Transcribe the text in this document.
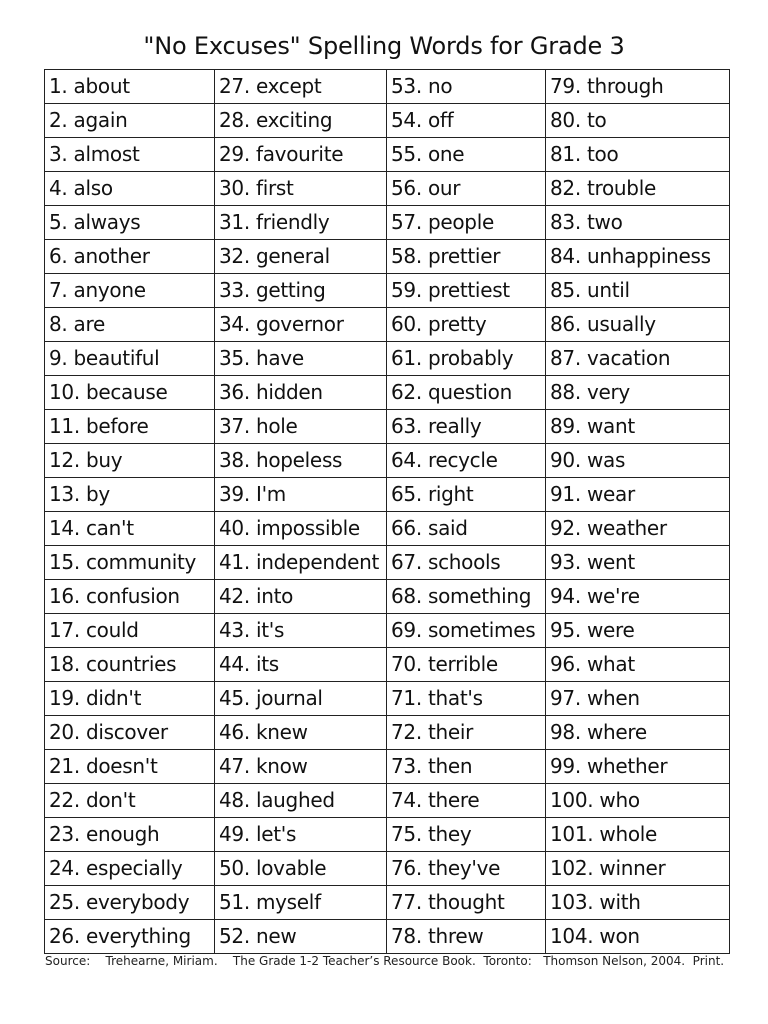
"No Excuses" Spelling Words for Grade 3
1. about	27. except	53. no	79. through
2. again	28. exciting	54. off	80. to
3. almost	29. favourite	55. one	81. too
4. also	30. first	56. our	82. trouble
5. always	31. friendly	57. people	83. two
6. another	32. general	58. prettier	84. unhappiness
7. anyone	33. getting	59. prettiest	85. until
8. are	34. governor	60. pretty	86. usually
9. beautiful	35. have	61. probably	87. vacation
10. because	36. hidden	62. question	88. very
11. before	37. hole	63. really	89. want
12. buy	38. hopeless	64. recycle	90. was
13. by	39. I'm	65. right	91. wear
14. can't	40. impossible	66. said	92. weather
15. community	41. independent	67. schools	93. went
16. confusion	42. into	68. something	94. we're
17. could	43. it's	69. sometimes	95. were
18. countries	44. its	70. terrible	96. what
19. didn't	45. journal	71. that's	97. when
20. discover	46. knew	72. their	98. where
21. doesn't	47. know	73. then	99. whether
22. don't	48. laughed	74. there	100. who
23. enough	49. let's	75. they	101. whole
24. especially	50. lovable	76. they've	102. winner
25. everybody	51. myself	77. thought	103. with
26. everything	52. new	78. threw	104. won
Source:    Trehearne, Miriam.    The Grade 1-2 Teacher’s Resource Book.  Toronto:   Thomson Nelson, 2004.  Print.
